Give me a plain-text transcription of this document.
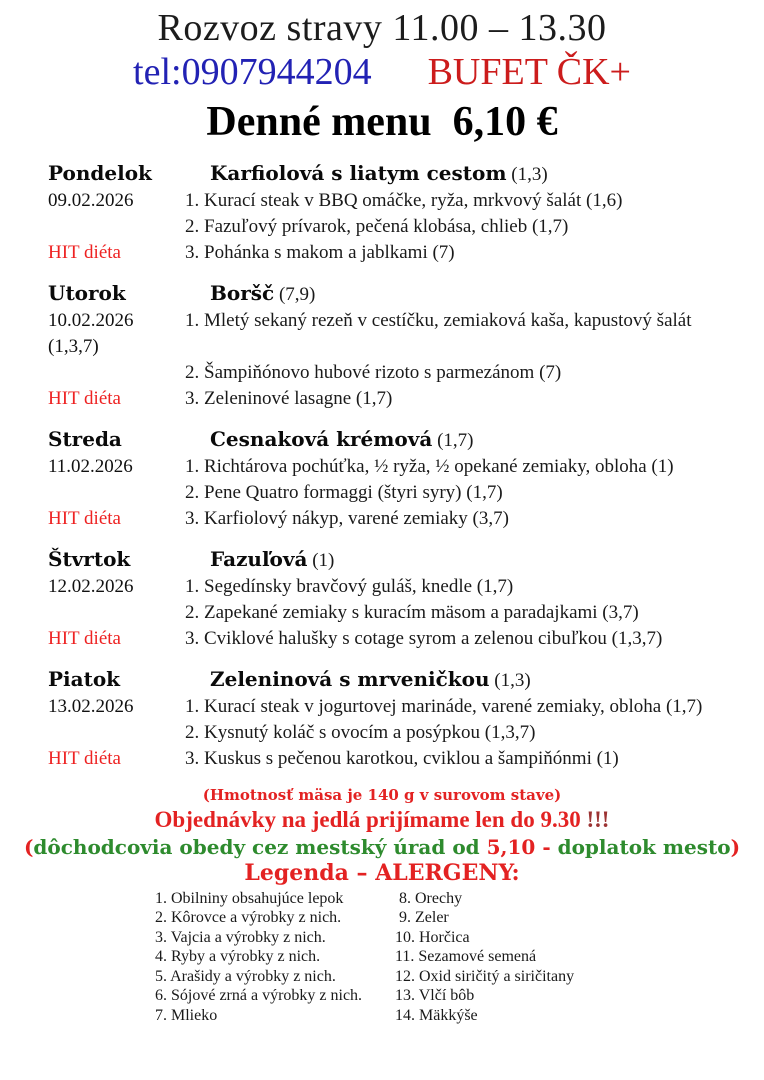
Rozvoz stravy 11.00 – 13.30
tel:0907944204 BUFET ČK+
Denné menu  6,10 €
Pondelok	Karfiolová s liatym cestom (1,3)
09.02.2026	1. Kurací steak v BBQ omáčke, ryža, mrkvový šalát (1,6)
2. Fazuľový prívarok, pečená klobása, chlieb (1,7)
HIT diéta	3. Pohánka s makom a jablkami (7)
Utorok	Boršč (7,9)
10.02.2026	1. Mletý sekaný rezeň v cestíčku, zemiaková kaša, kapustový šalát
(1,3,7)
2. Šampiňónovo hubové rizoto s parmezánom (7)
HIT diéta	3. Zeleninové lasagne (1,7)
Streda	Cesnaková krémová (1,7)
11.02.2026	1. Richtárova pochúťka, ½ ryža, ½ opekané zemiaky, obloha (1)
2. Pene Quatro formaggi (štyri syry) (1,7)
HIT diéta	3. Karfiolový nákyp, varené zemiaky (3,7)
Štvrtok	Fazuľová (1)
12.02.2026	1. Segedínsky bravčový guláš, knedle (1,7)
2. Zapekané zemiaky s kuracím mäsom a paradajkami (3,7)
HIT diéta	3. Cviklové halušky s cotage syrom a zelenou cibuľkou (1,3,7)
Piatok	Zeleninová s mrveničkou (1,3)
13.02.2026	1. Kurací steak v jogurtovej marináde, varené zemiaky, obloha (1,7)
2. Kysnutý koláč s ovocím a posýpkou (1,3,7)
HIT diéta	3. Kuskus s pečenou karotkou, cviklou a šampiňónmi (1)
(Hmotnosť mäsa je 140 g v surovom stave)
Objednávky na jedlá prijímame len do 9.30 !!!
(dôchodcovia obedy cez mestský úrad od 5,10 - doplatok mesto)
Legenda – ALERGENY:
1. Obilniny obsahujúce lepok
2. Kôrovce a výrobky z nich.
3. Vajcia a výrobky z nich.
4. Ryby a výrobky z nich.
5. Arašidy a výrobky z nich.
6. Sójové zrná a výrobky z nich.
7. Mlieko
8. Orechy
9. Zeler
10. Horčica
11. Sezamové semená
12. Oxid siričitý a siričitany
13. Vlčí bôb
14. Mäkkýše
